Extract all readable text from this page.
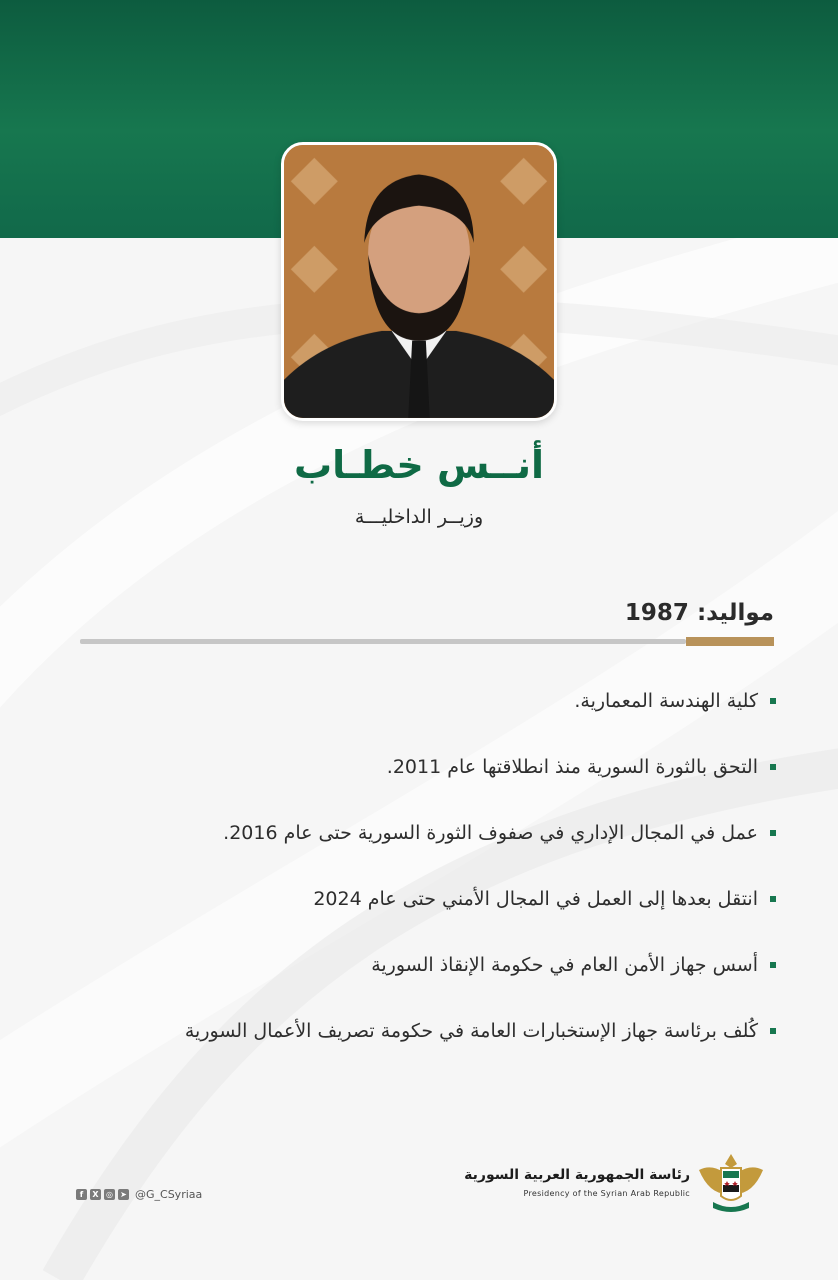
أنــس خطـاب
وزيــر الداخليـــة
مواليد: 1987
كلية الهندسة المعمارية.
التحق بالثورة السورية منذ انطلاقتها عام 2011.
عمل في المجال الإداري في صفوف الثورة السورية حتى عام 2016.
انتقل بعدها إلى العمل في المجال الأمني حتى عام 2024
أسس جهاز الأمن العام في حكومة الإنقاذ السورية
كُلف برئاسة جهاز الإستخبارات العامة في حكومة تصريف الأعمال السورية
f	X ◎ ➤ @G_CSyriaa
رئاسة الجمهورية العربية السورية
Presidency of the Syrian Arab Republic
